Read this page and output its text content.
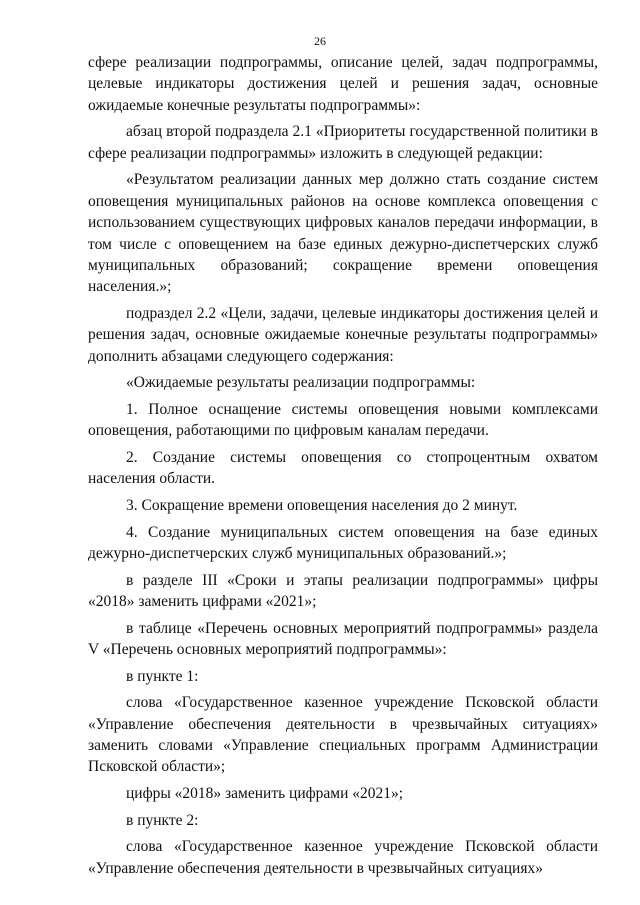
26

сфере реализации подпрограммы, описание целей, задач подпрограммы, целевые индикаторы достижения целей и решения задач, основные ожидаемые конечные результаты подпрограммы»:

абзац второй подраздела 2.1 «Приоритеты государственной политики в сфере реализации подпрограммы» изложить в следующей редакции:

«Результатом реализации данных мер должно стать создание систем оповещения муниципальных районов на основе комплекса оповещения с использованием существующих цифровых каналов передачи информации, в том числе с оповещением на базе единых дежурно-диспетчерских служб муниципальных образований; сокращение времени оповещения населения.»;

подраздел 2.2 «Цели, задачи, целевые индикаторы достижения целей и решения задач, основные ожидаемые конечные результаты подпрограммы» дополнить абзацами следующего содержания:

«Ожидаемые результаты реализации подпрограммы:

1. Полное оснащение системы оповещения новыми комплексами оповещения, работающими по цифровым каналам передачи.

2. Создание системы оповещения со стопроцентным охватом населения области.

3. Сокращение времени оповещения населения до 2 минут.

4. Создание муниципальных систем оповещения на базе единых дежурно-диспетчерских служб муниципальных образований.»;

в разделе III «Сроки и этапы реализации подпрограммы» цифры «2018» заменить цифрами «2021»;

в таблице «Перечень основных мероприятий подпрограммы» раздела V «Перечень основных мероприятий подпрограммы»:

в пункте 1:

слова «Государственное казенное учреждение Псковской области «Управление обеспечения деятельности в чрезвычайных ситуациях» заменить словами «Управление специальных программ Администрации Псковской области»;

цифры «2018» заменить цифрами «2021»;

в пункте 2:

слова «Государственное казенное учреждение Псковской области «Управление обеспечения деятельности в чрезвычайных ситуациях»
